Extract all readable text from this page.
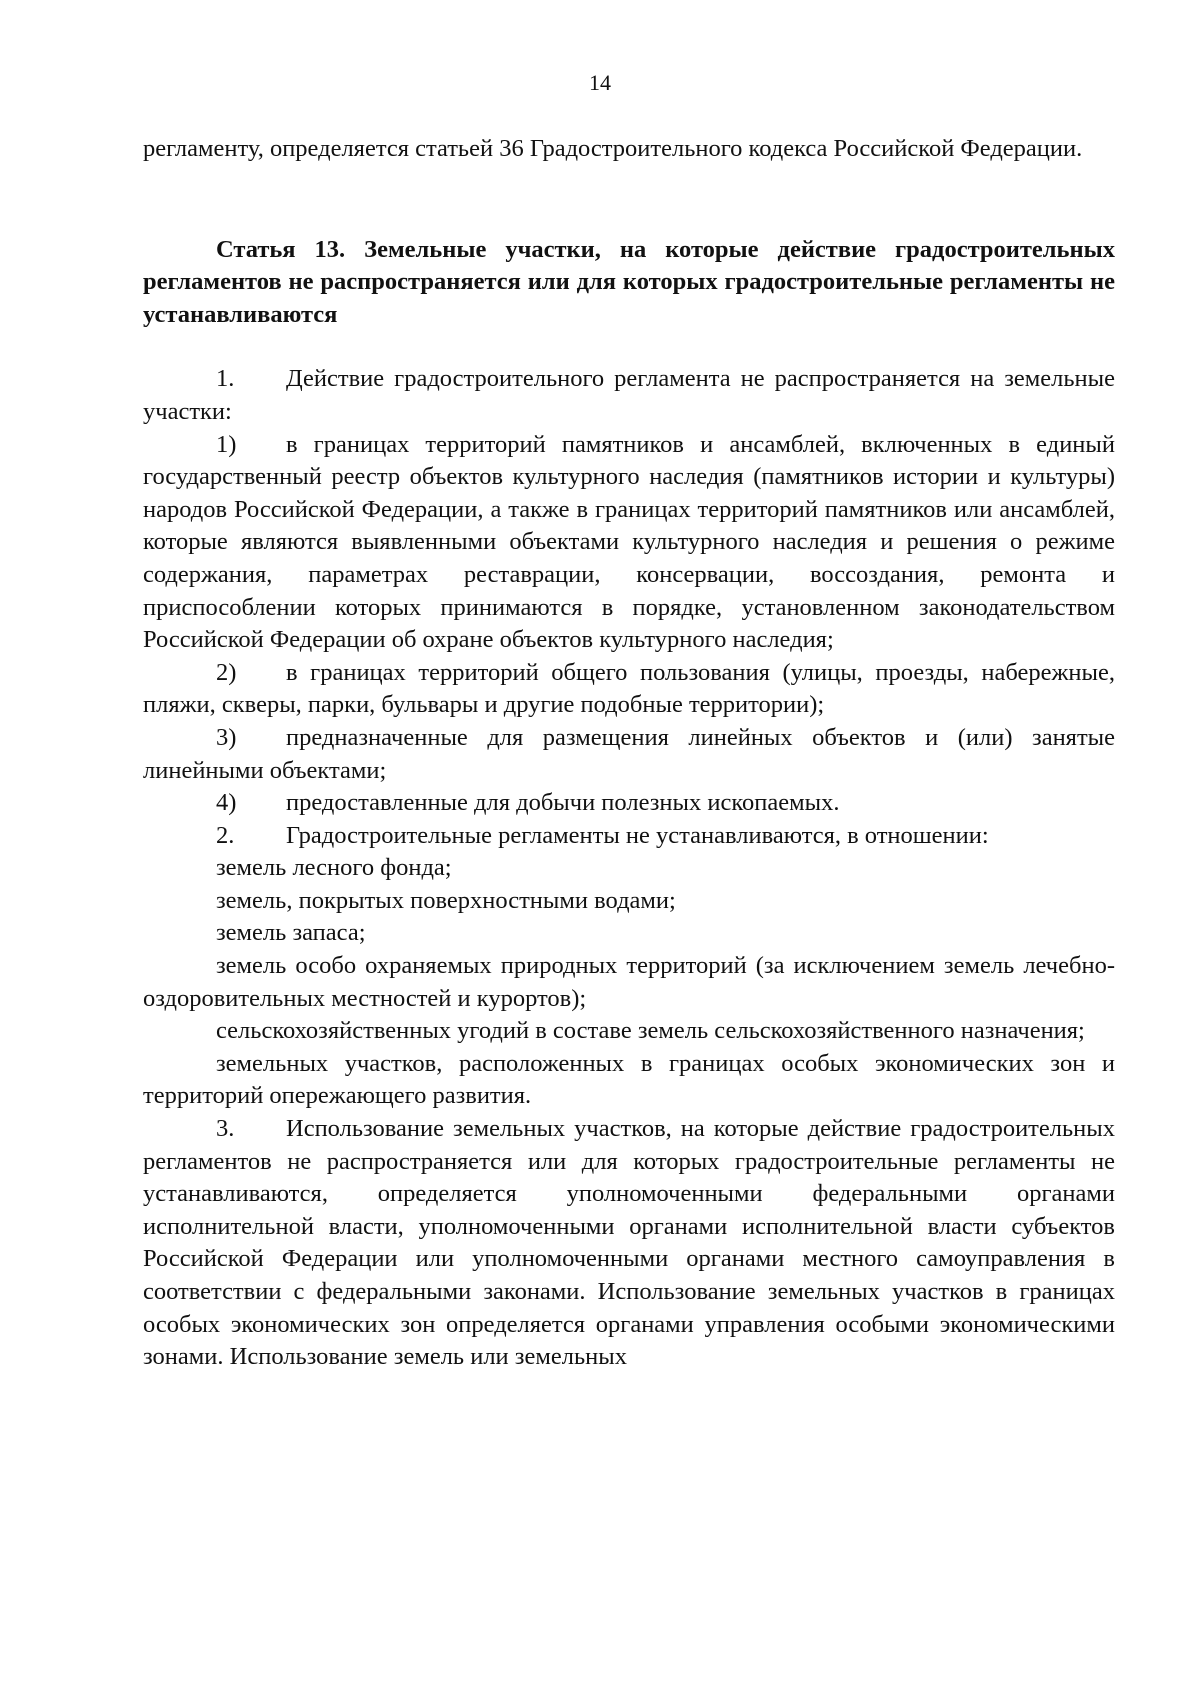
14

регламенту, определяется статьей 36 Градостроительного кодекса Российской Федерации.

Статья 13. Земельные участки, на которые действие градостроительных регламентов не распространяется или для которых градостроительные регламенты не устанавливаются

1. Действие градостроительного регламента не распространяется на земельные участки:

1) в границах территорий памятников и ансамблей, включенных в единый государственный реестр объектов культурного наследия (памятников истории и культуры) народов Российской Федерации, а также в границах территорий памятников или ансамблей, которые являются выявленными объектами культурного наследия и решения о режиме содержания, параметрах реставрации, консервации, воссоздания, ремонта и приспособлении которых принимаются в порядке, установленном законодательством Российской Федерации об охране объектов культурного наследия;

2) в границах территорий общего пользования (улицы, проезды, набережные, пляжи, скверы, парки, бульвары и другие подобные территории);

3) предназначенные для размещения линейных объектов и (или) занятые линейными объектами;

4) предоставленные для добычи полезных ископаемых.

2. Градостроительные регламенты не устанавливаются, в отношении:

земель лесного фонда;

земель, покрытых поверхностными водами;

земель запаса;

земель особо охраняемых природных территорий (за исключением земель лечебно-оздоровительных местностей и курортов);

сельскохозяйственных угодий в составе земель сельскохозяйственного назначения;

земельных участков, расположенных в границах особых экономических зон и территорий опережающего развития.

3. Использование земельных участков, на которые действие градостроительных регламентов не распространяется или для которых градостроительные регламенты не устанавливаются, определяется уполномоченными федеральными органами исполнительной власти, уполномоченными органами исполнительной власти субъектов Российской Федерации или уполномоченными органами местного самоуправления в соответствии с федеральными законами. Использование земельных участков в границах особых экономических зон определяется органами управления особыми экономическими зонами. Использование земель или земельных
